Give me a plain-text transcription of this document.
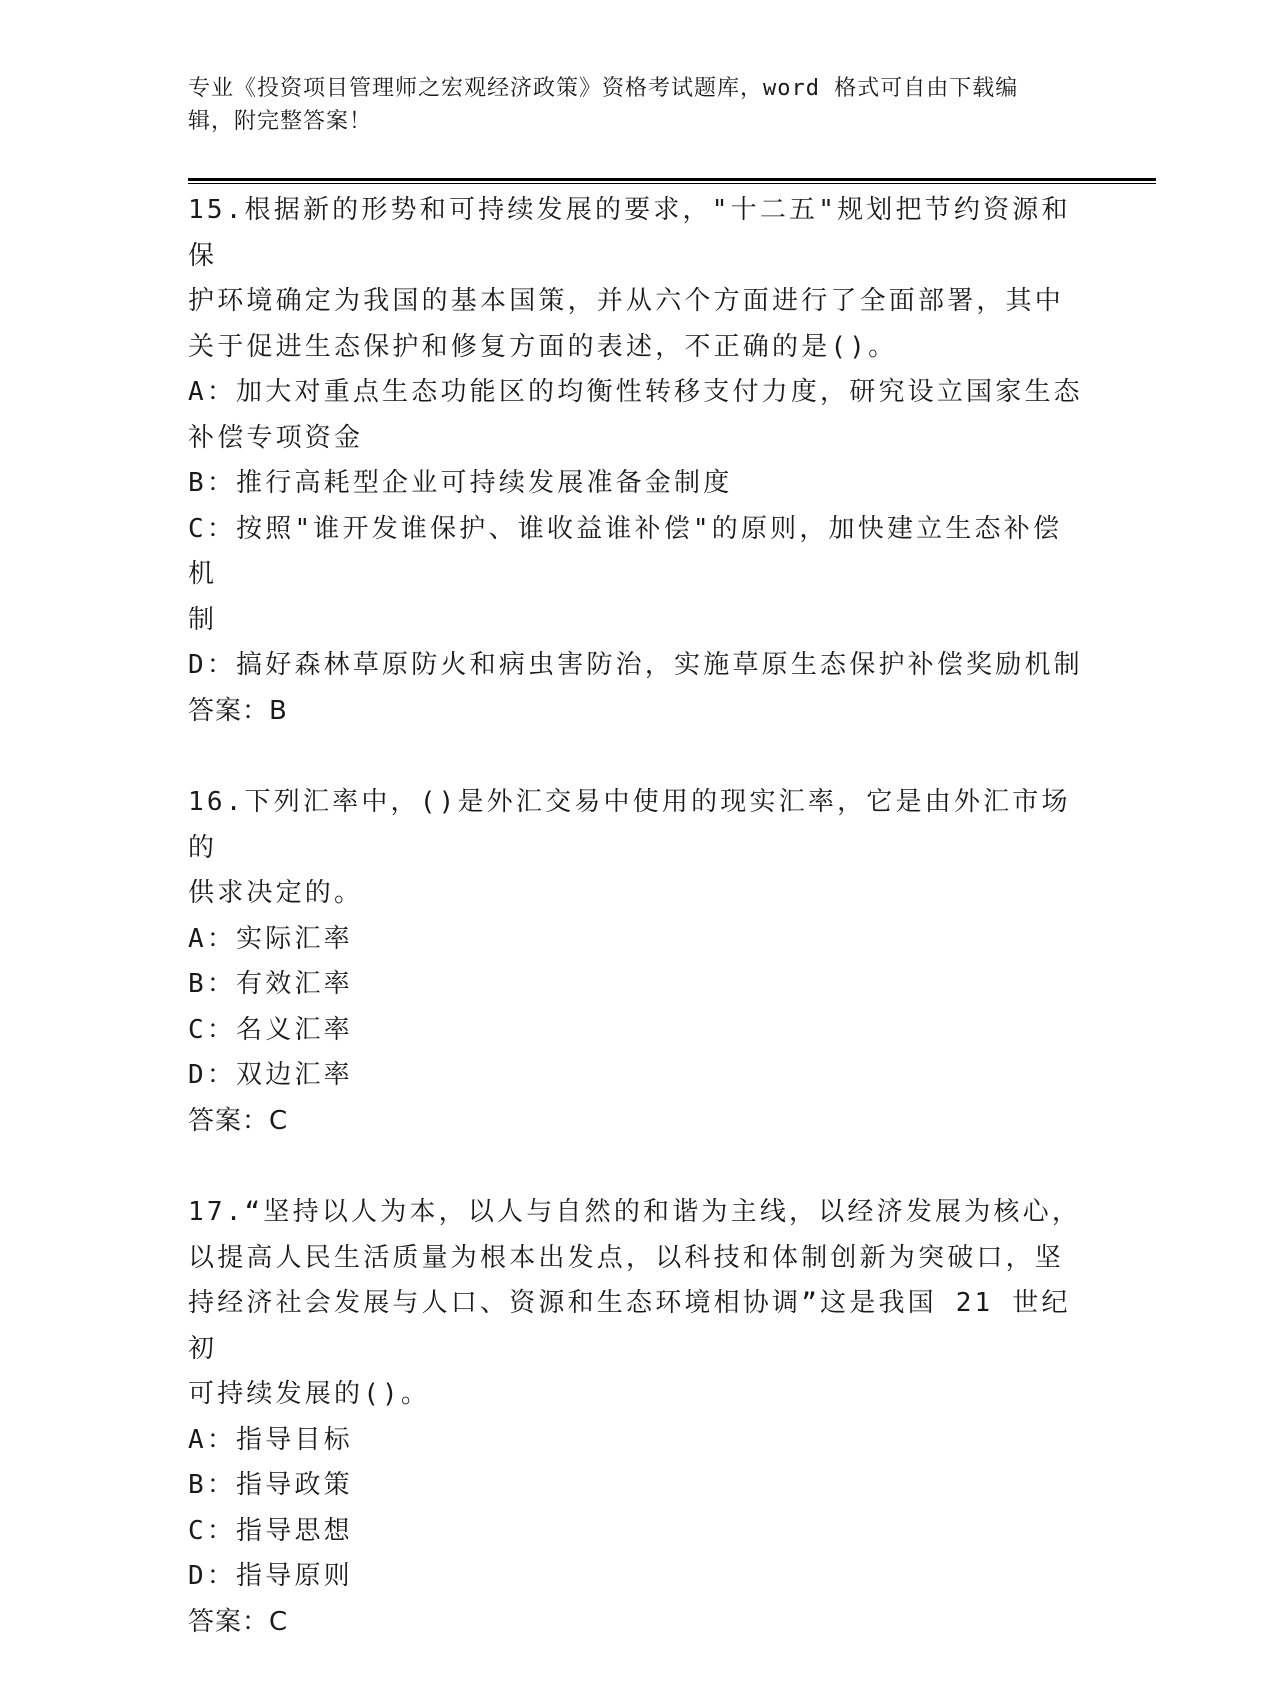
专业《投资项目管理师之宏观经济政策》资格考试题库，word 格式可自由下载编
辑，附完整答案！
15.根据新的形势和可持续发展的要求，"十二五"规划把节约资源和保
护环境确定为我国的基本国策，并从六个方面进行了全面部署，其中
关于促进生态保护和修复方面的表述，不正确的是()。
A：加大对重点生态功能区的均衡性转移支付力度，研究设立国家生态
补偿专项资金
B：推行高耗型企业可持续发展准备金制度
C：按照"谁开发谁保护、谁收益谁补偿"的原则，加快建立生态补偿机
制
D：搞好森林草原防火和病虫害防治，实施草原生态保护补偿奖励机制
答案：B
16.下列汇率中，()是外汇交易中使用的现实汇率，它是由外汇市场的
供求决定的。
A：实际汇率
B：有效汇率
C：名义汇率
D：双边汇率
答案：C
17.“坚持以人为本，以人与自然的和谐为主线，以经济发展为核心，
以提高人民生活质量为根本出发点，以科技和体制创新为突破口，坚
持经济社会发展与人口、资源和生态环境相协调”这是我国 21 世纪初
可持续发展的()。
A：指导目标
B：指导政策
C：指导思想
D：指导原则
答案：C
